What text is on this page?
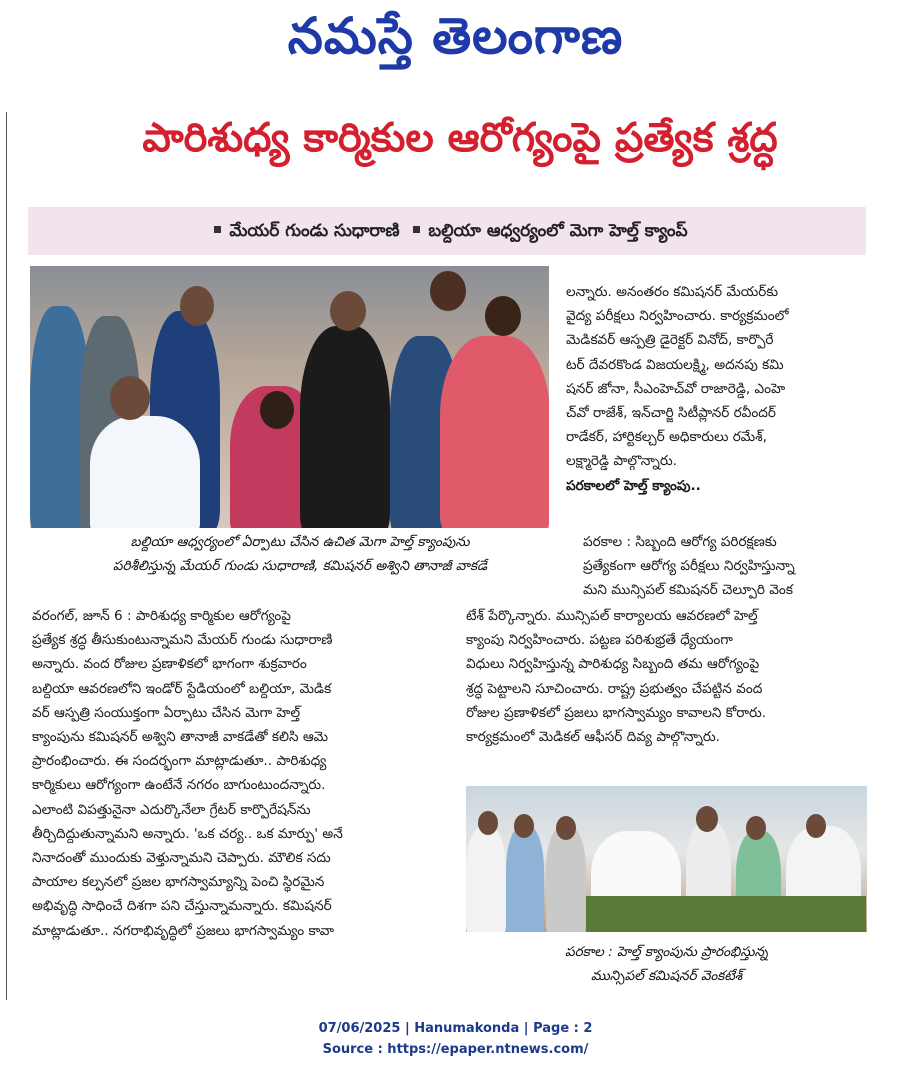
నమస్తే తెలంగాణ
పారిశుధ్య కార్మికుల ఆరోగ్యంపై ప్రత్యేక శ్రద్ధ
మేయర్ గుండు సుధారాణి బల్దియా ఆధ్వర్యంలో మెగా హెల్త్ క్యాంప్
బల్దియా ఆధ్వర్యంలో ఏర్పాటు చేసిన ఉచిత మెగా హెల్త్ క్యాంపును
పరిశీలిస్తున్న మేయర్ గుండు సుధారాణి, కమిషనర్ అశ్విని తానాజీ వాకడే

లన్నారు. అనంతరం కమిషనర్ మేయర్‌కు

వైద్య పరీక్షలు నిర్వహించారు. కార్యక్రమంలో

మెడికవర్ ఆస్పత్రి డైరెక్టర్ వినోద్, కార్పొరే

టర్ దేవరకొండ విజయలక్ష్మి, అదనపు కమి

షనర్ జోనా, సీఎంహెచ్‌వో రాజారెడ్డి, ఎంహె

చ్‌వో రాజేశ్, ఇన్‌చార్జి సిటీప్లానర్ రవీందర్

రాడేకర్, హార్టికల్చర్ అధికారులు రమేశ్,

లక్ష్మారెడ్డి పాల్గొన్నారు.

పరకాలలో హెల్త్ క్యాంపు..

పరకాల : సిబ్బంది ఆరోగ్య పరిరక్షణకు

ప్రత్యేకంగా ఆరోగ్య పరీక్షలు నిర్వహిస్తున్నా

మని మున్సిపల్ కమిషనర్ చెల్పూరి వెంక

టేశ్ పేర్కొన్నారు. మున్సిపల్ కార్యాలయ ఆవరణలో హెల్త్

క్యాంపు నిర్వహించారు. పట్టణ పరిశుభ్రతే ధ్యేయంగా

విధులు నిర్వహిస్తున్న పారిశుధ్య సిబ్బంది తమ ఆరోగ్యంపై

శ్రద్ధ పెట్టాలని సూచించారు. రాష్ట్ర ప్రభుత్వం చేపట్టిన వంద

రోజుల ప్రణాళికలో ప్రజలు భాగస్వామ్యం కావాలని కోరారు.

కార్యక్రమంలో మెడికల్ ఆఫీసర్ దివ్య పాల్గొన్నారు.

వరంగల్, జూన్ 6 : పారిశుధ్య కార్మికుల ఆరోగ్యంపై

ప్రత్యేక శ్రద్ధ తీసుకుంటున్నామని మేయర్ గుండు సుధారాణి

అన్నారు. వంద రోజుల ప్రణాళికలో భాగంగా శుక్రవారం

బల్దియా ఆవరణలోని ఇండోర్ స్టేడియంలో బల్దియా, మెడిక

వర్ ఆస్పత్రి సంయుక్తంగా ఏర్పాటు చేసిన మెగా హెల్త్

క్యాంపును కమిషనర్ అశ్విని తానాజీ వాకడేతో కలిసి ఆమె

ప్రారంభించారు. ఈ సందర్భంగా మాట్లాడుతూ.. పారిశుధ్య

కార్మికులు ఆరోగ్యంగా ఉంటేనే నగరం బాగుంటుందన్నారు.

ఎలాంటి విపత్తునైనా ఎదుర్కొనేలా గ్రేటర్ కార్పొరేషన్‌ను

తీర్చిదిద్దుతున్నామని అన్నారు. 'ఒక చర్య.. ఒక మార్పు' అనే

నినాదంతో ముందుకు వెళ్తున్నామని చెప్పారు. మౌలిక సదు

పాయాల కల్పనలో ప్రజల భాగస్వామ్యాన్ని పెంచి స్థిరమైన

అభివృద్ధి సాధించే దిశగా పని చేస్తున్నామన్నారు. కమిషనర్

మాట్లాడుతూ.. నగరాభివృద్ధిలో ప్రజలు భాగస్వామ్యం కావా

పరకాల : హెల్త్ క్యాంపును ప్రారంభిస్తున్న
మున్సిపల్ కమిషనర్ వెంకటేశ్
07/06/2025 | Hanumakonda | Page : 2
Source : https://epaper.ntnews.com/
